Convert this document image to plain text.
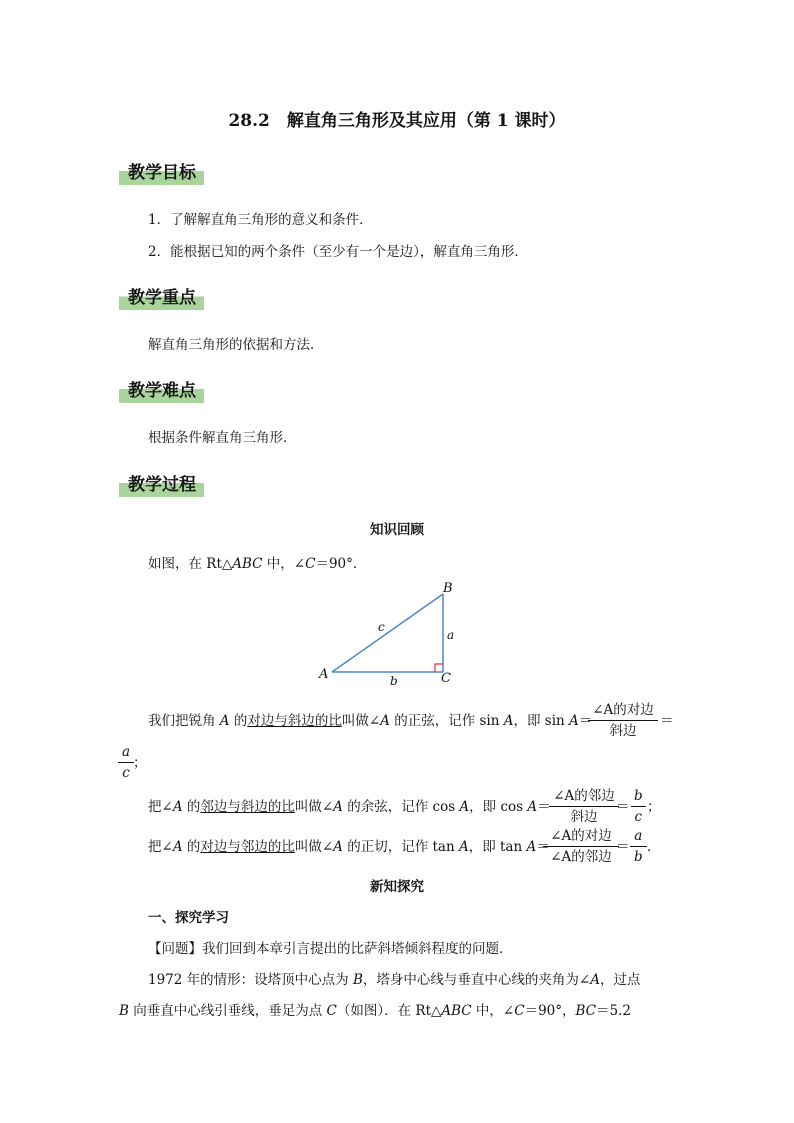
28.2　解直角三角形及其应用（第 1 课时）
教学目标
1．了解解直角三角形的意义和条件．
2．能根据已知的两个条件（至少有一个是边），解直角三角形．
教学重点
解直角三角形的依据和方法．
教学难点
根据条件解直角三角形．
教学过程
知识回顾
如图，在 Rt△ABC 中，∠C＝90°．
A
B
C
a
b
c
我们把锐角 A 的对边与斜边的比叫做∠A 的正弦，记作 sin A，即 sin A＝
∠A的对边
斜边
＝
$\frac{a}{c}$
；
把∠A 的邻边与斜边的比叫做∠A 的余弦，记作 cos A，即 cos A＝
∠A的邻边
斜边
＝ $\frac{b}{c}$ ；
把∠A 的对边与邻边的比叫做∠A 的正切，记作 tan A，即 tan A＝
∠A的对边
∠A的邻边
＝ $\frac{a}{b}$ ．
新知探究
一、探究学习
【问题】我们回到本章引言提出的比萨斜塔倾斜程度的问题．
1972 年的情形：设塔顶中心点为 B，塔身中心线与垂直中心线的夹角为∠A，过点
B 向垂直中心线引垂线，垂足为点 C（如图）．在 Rt△ABC 中，∠C＝90°，BC＝5.2
